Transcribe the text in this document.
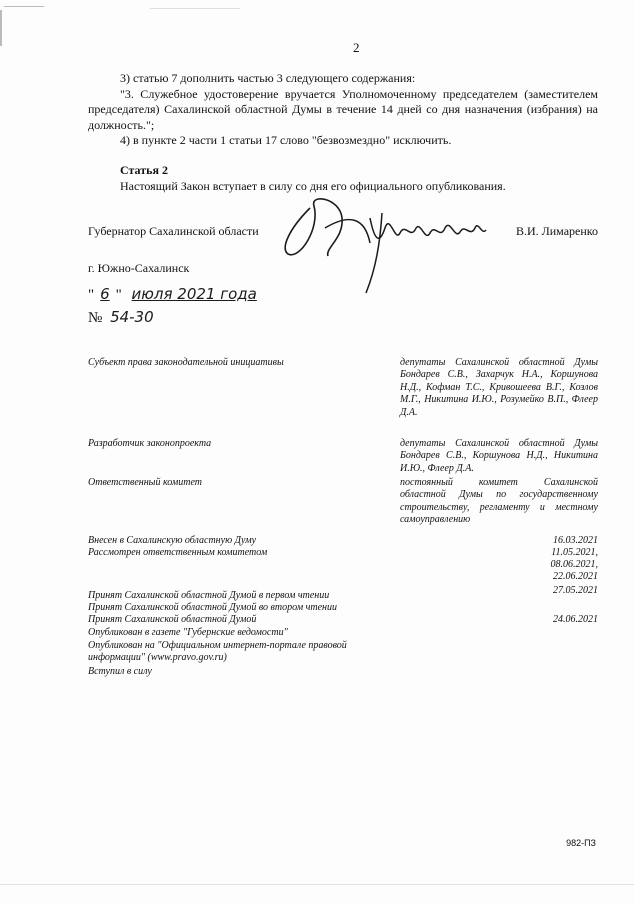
2

3) статью 7 дополнить частью 3 следующего содержания:

"3. Служебное удостоверение вручается Уполномоченному председателем (заместителем председателя) Сахалинской областной Думы в течение 14 дней со дня назначения (избрания) на должность.";

4) в пункте 2 части 1 статьи 17 слово "безвозмездно" исключить.

Статья 2

Настоящий Закон вступает в силу со дня его официального опубликования.

Губернатор Сахалинской области	В.И. Лимаренко
г. Южно-Сахалинск
" 6 " июля 2021 года
№ 54-30
Субъект права законодательной инициативы	депутаты Сахалинской областной Думы Бондарев С.В., Захарчук Н.А., Коршунова Н.Д., Кофман Т.С., Кривошеева В.Г., Козлов М.Г., Никитина И.Ю., Розумейко В.П., Флеер Д.А.
Разработчик законопроекта	депутаты Сахалинской областной Думы Бондарев С.В., Коршунова Н.Д., Никитина И.Ю., Флеер Д.А.
Ответственный комитет	постоянный комитет Сахалинской областной Думы по государственному строительству, регламенту и местному самоуправлению
Внесен в Сахалинскую областную Думу	16.03.2021
Рассмотрен ответственным комитетом	11.05.2021,
08.06.2021,
22.06.2021
Принят Сахалинской областной Думой в первом чтении	27.05.2021
Принят Сахалинской областной Думой во втором чтении
Принят Сахалинской областной Думой	24.06.2021
Опубликован в газете "Губернские ведомости"
Опубликован на "Официальном интернет-портале правовой информации" (www.pravo.gov.ru)
Вступил в силу
982-ПЗ
